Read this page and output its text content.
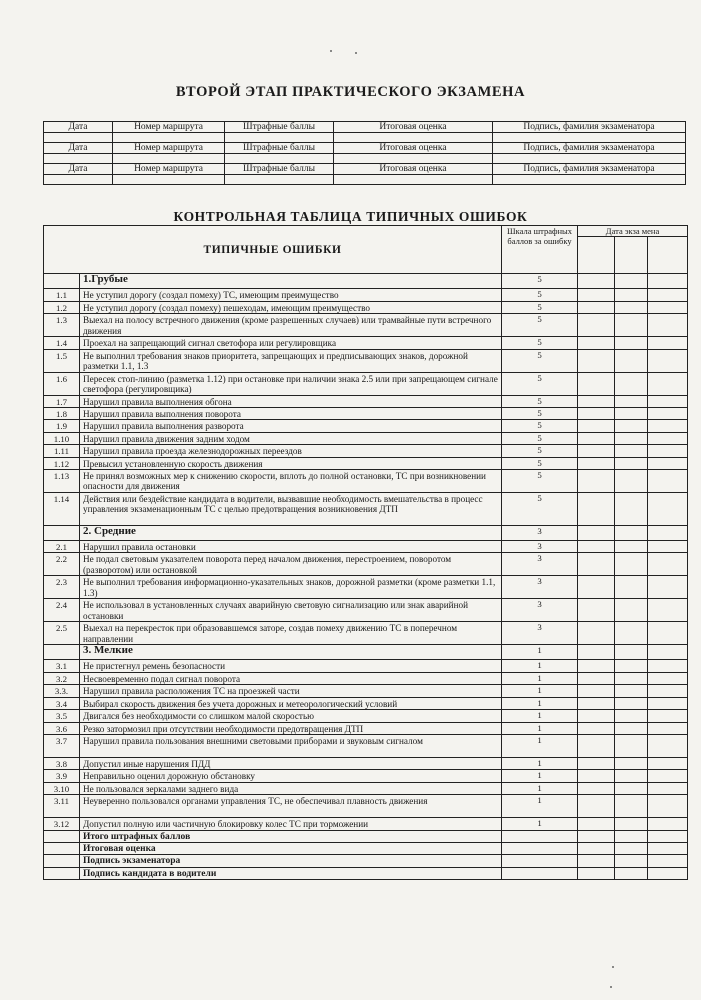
ВТОРОЙ ЭТАП ПРАКТИЧЕСКОГО ЭКЗАМЕНА
Дата	Номер маршрута	Штрафные баллы	Итоговая оценка	Подпись, фамилия экзаменатора

Дата	Номер маршрута	Штрафные баллы	Итоговая оценка	Подпись, фамилия экзаменатора

Дата	Номер маршрута	Штрафные баллы	Итоговая оценка	Подпись, фамилия экзаменатора

КОНТРОЛЬНАЯ ТАБЛИЦА ТИПИЧНЫХ ОШИБОК
ТИПИЧНЫЕ ОШИБКИ		Шкала штрафных баллов за ошибку	Дата экза мена		

	1.Грубые	5			
1.1	Не уступил дорогу (создал помеху) ТС, имеющим преимущество	5			
1.2	Не уступил дорогу (создал помеху) пешеходам, имеющим преимущество	5			
1.3	Выехал на полосу встречного движения (кроме разрешенных случаев) или трамвайные пути встречного движения	5			
1.4	Проехал на запрещающий сигнал светофора или регулировщика	5			
1.5	Не выполнил требования знаков приоритета, запрещающих и предписывающих знаков, дорожной разметки 1.1, 1.3	5			
1.6	Пересек стоп-линию (разметка 1.12) при остановке при наличии знака 2.5 или при запрещающем сигнале светофора (регулировщика)	5			
1.7	Нарушил правила выполнения обгона	5			
1.8	Нарушил правила выполнения поворота	5			
1.9	Нарушил правила выполнения разворота	5			
1.10	Нарушил правила движения задним ходом	5			
1.11	Нарушил правила проезда железнодорожных переездов	5			
1.12	Превысил установленную скорость движения	5			
1.13	Не принял возможных мер к снижению скорости, вплоть до полной остановки, ТС при возникновении опасности для движения	5			
1.14	Действия или бездействие кандидата в водители, вызвавшие необходимость вмешательства в процесс управления экзаменационным ТС с целью предотвращения возникновения ДТП	5			
	2. Средние	3			
2.1	Нарушил правила остановки	3			
2.2	Не подал световым указателем поворота перед началом движения, перестроением, поворотом (разворотом) или остановкой	3			
2.3	Не выполнил требования информационно-указательных знаков, дорожной разметки (кроме разметки 1.1, 1.3)	3			
2.4	Не использовал в установленных случаях аварийную световую сигнализацию или знак аварийной остановки	3			
2.5	Выехал на перекресток при образовавшемся заторе, создав помеху движению ТС в поперечном направлении	3			
	3. Мелкие	1			
3.1	Не пристегнул ремень безопасности	1			
3.2	Несвоевременно подал сигнал поворота	1			
3.3.	Нарушил правила расположения ТС на проезжей части	1			
3.4	Выбирал скорость движения без учета дорожных и метеорологический условий	1			
3.5	Двигался без необходимости со слишком малой скоростью	1			
3.6	Резко затормозил при отсутствии необходимости предотвращения ДТП	1			
3.7	Нарушил правила пользования внешними световыми приборами и звуковым сигналом	1			
3.8	Допустил иные нарушения ПДД	1			
3.9	Неправильно оценил дорожную обстановку	1			
3.10	Не пользовался зеркалами заднего вида	1			
3.11	Неуверенно пользовался органами управления ТС, не обеспечивал плавность движения	1			
3.12	Допустил полную или частичную блокировку колес ТС при торможении	1			
	Итого штрафных баллов				
	Итоговая оценка				
	Подпись экзаменатора				
	Подпись кандидата в водители				
